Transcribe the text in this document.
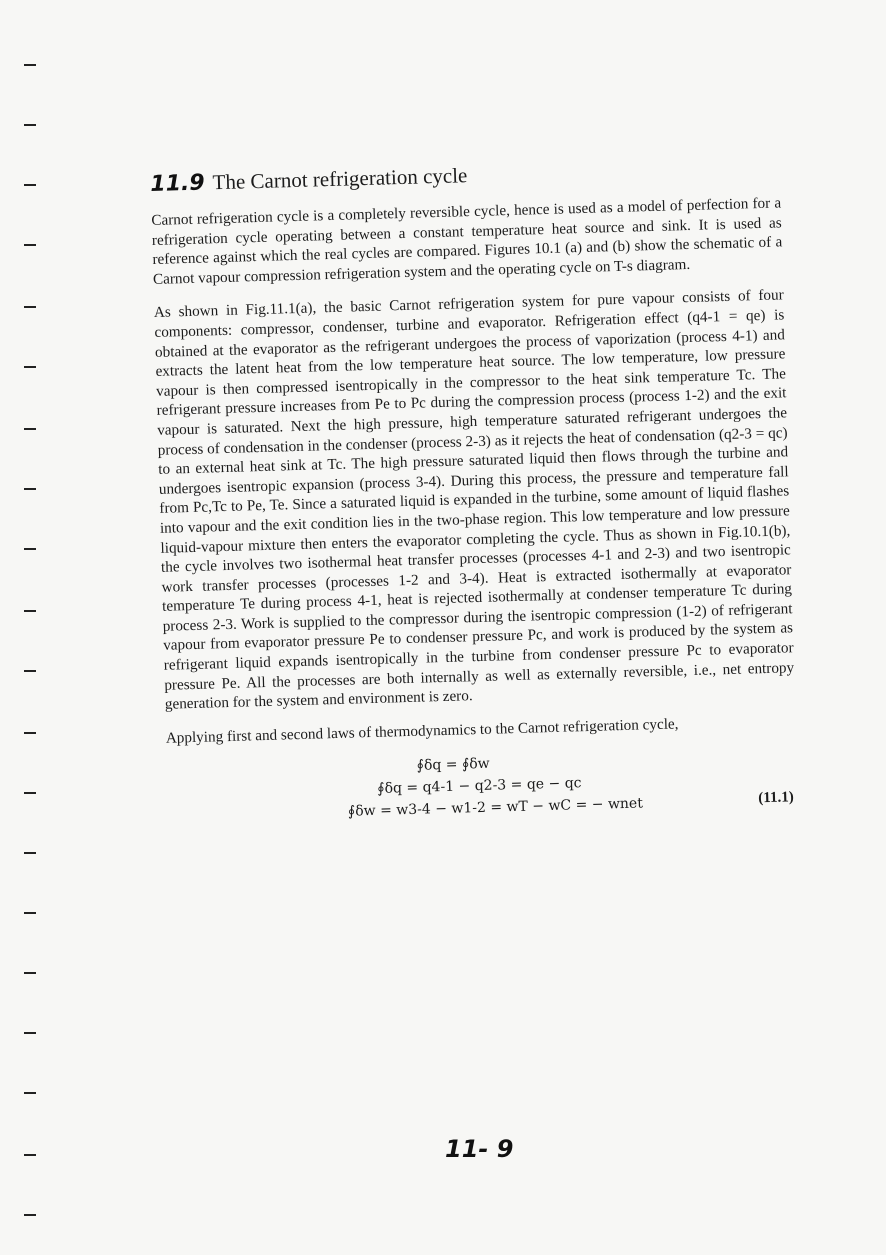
11.9 The Carnot refrigeration cycle

Carnot refrigeration cycle is a completely reversible cycle, hence is used as a model of perfection for a refrigeration cycle operating between a constant temperature heat source and sink. It is used as reference against which the real cycles are compared. Figures 10.1 (a) and (b) show the schematic of a Carnot vapour compression refrigeration system and the operating cycle on T-s diagram.

As shown in Fig.11.1(a), the basic Carnot refrigeration system for pure vapour consists of four components: compressor, condenser, turbine and evaporator. Refrigeration effect (q4-1 = qe) is obtained at the evaporator as the refrigerant undergoes the process of vaporization (process 4-1) and extracts the latent heat from the low temperature heat source. The low temperature, low pressure vapour is then compressed isentropically in the compressor to the heat sink temperature Tc. The refrigerant pressure increases from Pe to Pc during the compression process (process 1-2) and the exit vapour is saturated. Next the high pressure, high temperature saturated refrigerant undergoes the process of condensation in the condenser (process 2-3) as it rejects the heat of condensation (q2-3 = qc) to an external heat sink at Tc. The high pressure saturated liquid then flows through the turbine and undergoes isentropic expansion (process 3-4). During this process, the pressure and temperature fall from Pc,Tc to Pe, Te. Since a saturated liquid is expanded in the turbine, some amount of liquid flashes into vapour and the exit condition lies in the two-phase region. This low temperature and low pressure liquid-vapour mixture then enters the evaporator completing the cycle. Thus as shown in Fig.10.1(b), the cycle involves two isothermal heat transfer processes (processes 4-1 and 2-3) and two isentropic work transfer processes (processes 1-2 and 3-4). Heat is extracted isothermally at evaporator temperature Te during process 4-1, heat is rejected isothermally at condenser temperature Tc during process 2-3. Work is supplied to the compressor during the isentropic compression (1-2) of refrigerant vapour from evaporator pressure Pe to condenser pressure Pc, and work is produced by the system as refrigerant liquid expands isentropically in the turbine from condenser pressure Pc to evaporator pressure Pe. All the processes are both internally as well as externally reversible, i.e., net entropy generation for the system and environment is zero.

Applying first and second laws of thermodynamics to the Carnot refrigeration cycle,

∮δq = ∮δw
∮δq = q4-1 − q2-3 = qe − qc
∮δw = w3-4 − w1-2 = wT − wC = − wnet	(11.1)
11- 9
